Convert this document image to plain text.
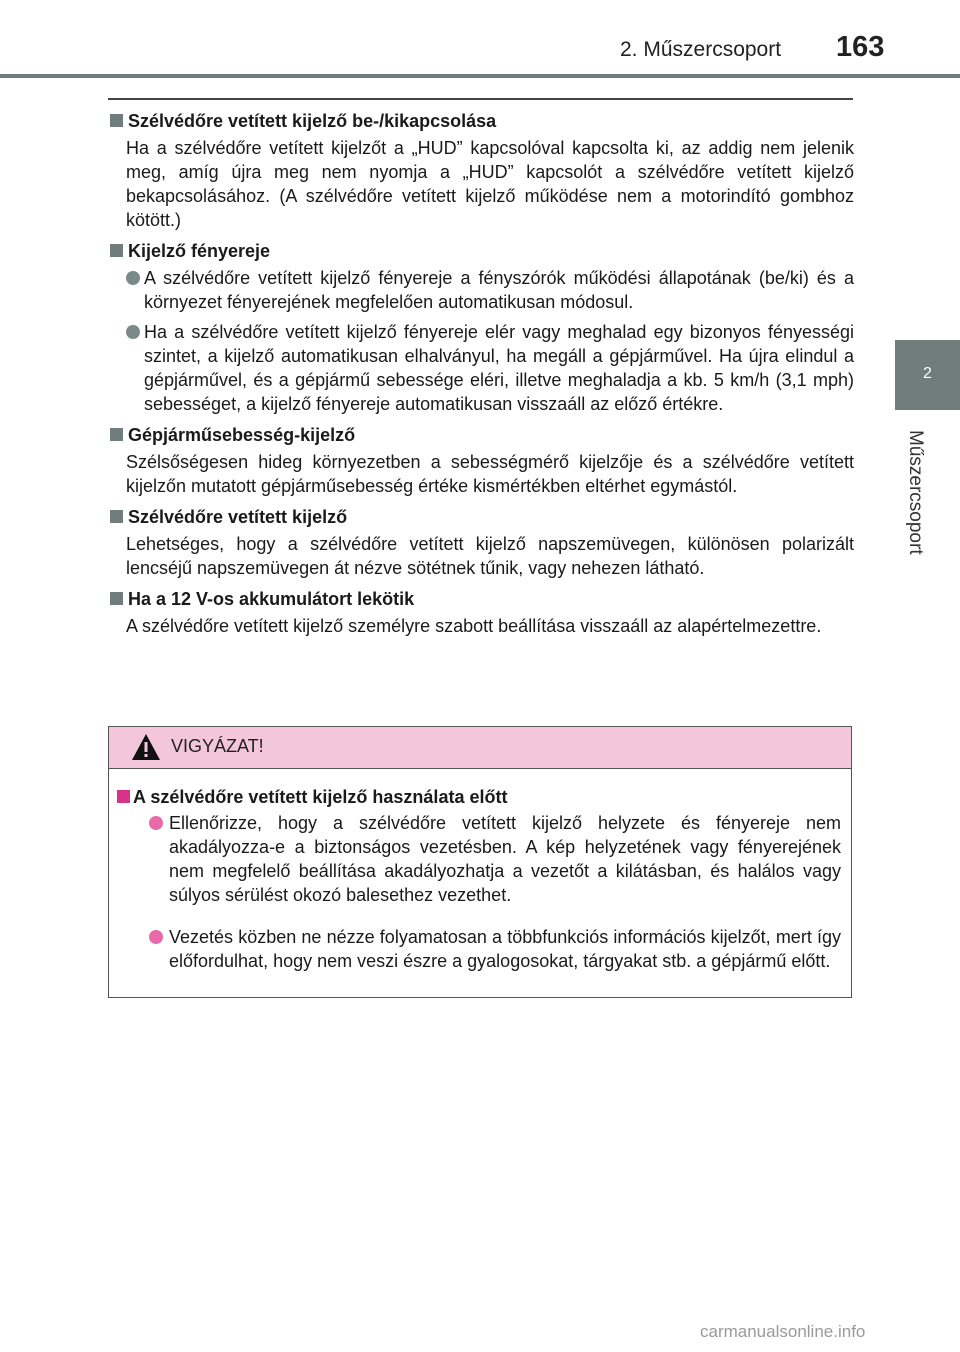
2. Műszercsoport 163
2
Műszercsoport
Szélvédőre vetített kijelző be-/kikapcsolása

Ha a szélvédőre vetített kijelzőt a „HUD” kapcsolóval kapcsolta ki, az addig nem jelenik meg, amíg újra meg nem nyomja a „HUD” kapcsolót a szélvédőre vetített kijelző bekapcsolásához. (A szélvédőre vetített kijelző működése nem a motorindító gombhoz kötött.)

Kijelző fényereje

A szélvédőre vetített kijelző fényereje a fényszórók működési állapotának (be/ki) és a környezet fényerejének megfelelően automatikusan módosul.

Ha a szélvédőre vetített kijelző fényereje elér vagy meghalad egy bizonyos fényességi szintet, a kijelző automatikusan elhalványul, ha megáll a gépjárművel. Ha újra elindul a gépjárművel, és a gépjármű sebessége eléri, illetve meghaladja a kb. 5 km/h (3,1 mph) sebességet, a kijelző fényereje automatikusan visszaáll az előző értékre.

Gépjárműsebesség-kijelző

Szélsőségesen hideg környezetben a sebességmérő kijelzője és a szélvédőre vetített kijelzőn mutatott gépjárműsebesség értéke kismértékben eltérhet egymástól.

Szélvédőre vetített kijelző

Lehetséges, hogy a szélvédőre vetített kijelző napszemüvegen, különösen polarizált lencséjű napszemüvegen át nézve sötétnek tűnik, vagy nehezen látható.

Ha a 12 V-os akkumulátort lekötik

A szélvédőre vetített kijelző személyre szabott beállítása visszaáll az alapértelmezettre.

VIGYÁZAT!
A szélvédőre vetített kijelző használata előtt

Ellenőrizze, hogy a szélvédőre vetített kijelző helyzete és fényereje nem akadályozza-e a biztonságos vezetésben. A kép helyzetének vagy fényerejének nem megfelelő beállítása akadályozhatja a vezetőt a kilátásban, és halálos vagy súlyos sérülést okozó balesethez vezethet.

Vezetés közben ne nézze folyamatosan a többfunkciós információs kijelzőt, mert így előfordulhat, hogy nem veszi észre a gyalogosokat, tárgyakat stb. a gépjármű előtt.

carmanualsonline.info
